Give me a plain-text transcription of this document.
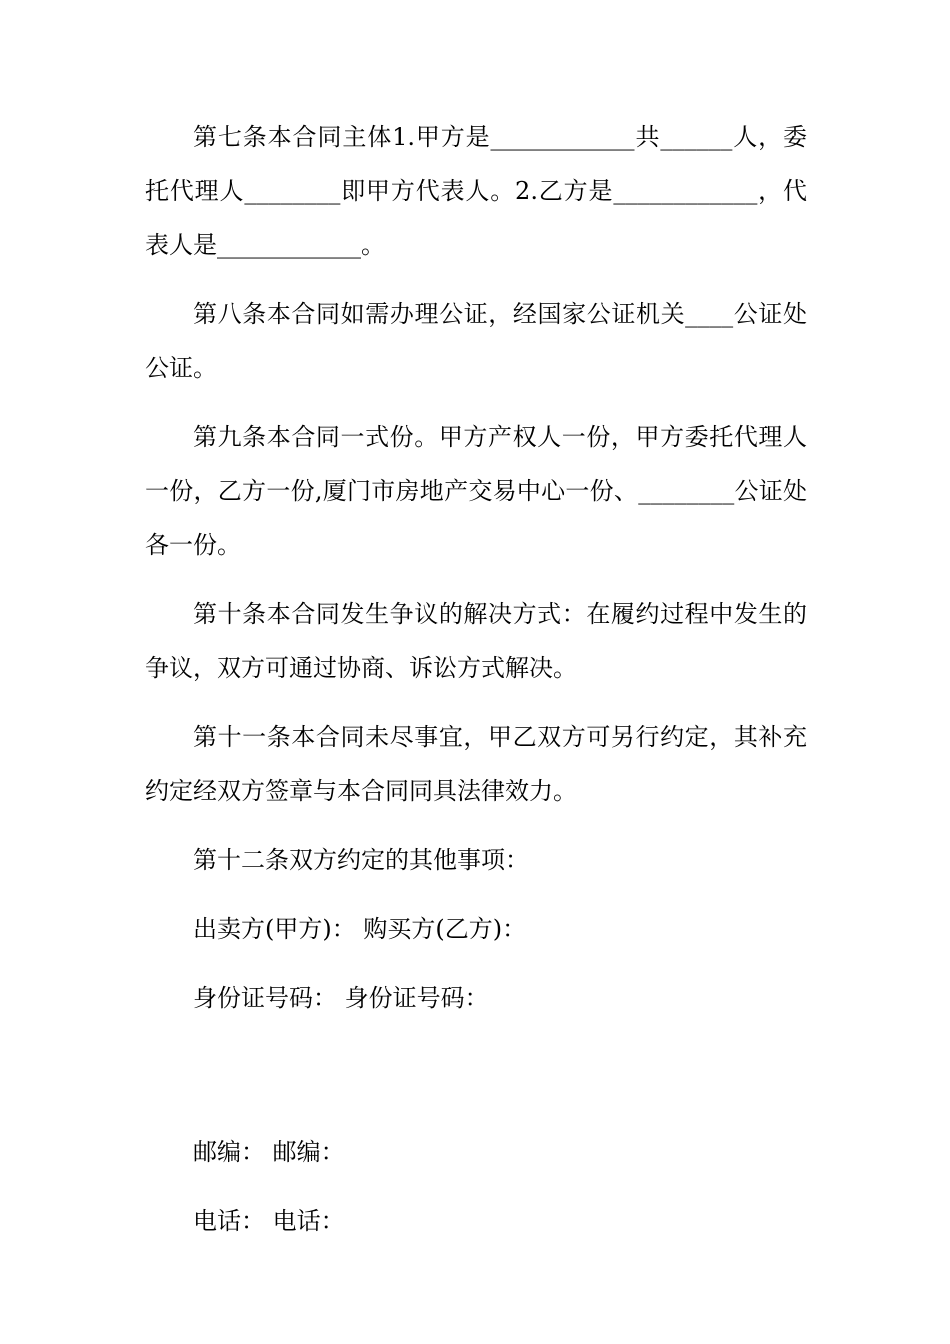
第七条本合同主体1.甲方是____________共______人，委托代理人________即甲方代表人。2.乙方是____________，代表人是____________。

第八条本合同如需办理公证，经国家公证机关____公证处公证。

第九条本合同一式份。甲方产权人一份，甲方委托代理人一份，乙方一份,厦门市房地产交易中心一份、________公证处各一份。

第十条本合同发生争议的解决方式：在履约过程中发生的争议，双方可通过协商、诉讼方式解决。

第十一条本合同未尽事宜，甲乙双方可另行约定，其补充约定经双方签章与本合同同具法律效力。

第十二条双方约定的其他事项：

出卖方(甲方)： 购买方(乙方)：

身份证号码： 身份证号码：

邮编： 邮编：

电话： 电话：
